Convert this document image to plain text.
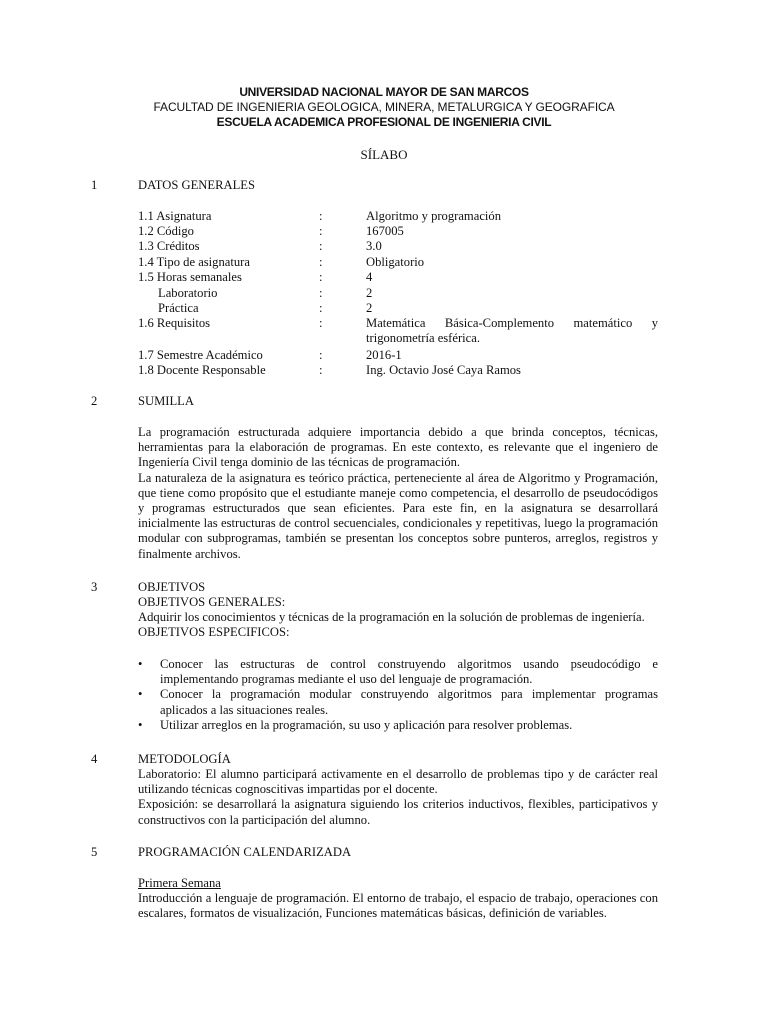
UNIVERSIDAD NACIONAL MAYOR DE SAN MARCOS
FACULTAD DE INGENIERIA GEOLOGICA, MINERA, METALURGICA Y GEOGRAFICA
ESCUELA ACADEMICA PROFESIONAL DE INGENIERIA CIVIL
SÍLABO
1	DATOS GENERALES
1.1 Asignatura	:	Algoritmo y programación
1.2 Código	:	167005
1.3 Créditos	:	3.0
1.4 Tipo de asignatura	:	Obligatorio
1.5 Horas semanales	:	4
Laboratorio	:	2
Práctica	:	2
1.6 Requisitos	:	Matemática Básica-Complemento matemático y trigonometría esférica.
1.7 Semestre Académico	:	2016-1
1.8 Docente Responsable	:	Ing. Octavio José Caya Ramos
2	SUMILLA

La programación estructurada adquiere importancia debido a que brinda conceptos, técnicas, herramientas para la elaboración de programas. En este contexto, es relevante que el ingeniero de Ingeniería Civil tenga dominio de las técnicas de programación.

La naturaleza de la asignatura es teórico práctica, perteneciente al área de Algoritmo y Programación, que tiene como propósito que el estudiante maneje como competencia, el desarrollo de pseudocódigos y programas estructurados que sean eficientes. Para este fin, en la asignatura se desarrollará inicialmente las estructuras de control secuenciales, condicionales y repetitivas, luego la programación modular con subprogramas, también se presentan los conceptos sobre punteros, arreglos, registros y finalmente archivos.

3	OBJETIVOS

OBJETIVOS GENERALES:

Adquirir los conocimientos y técnicas de la programación en la solución de problemas de ingeniería.

OBJETIVOS ESPECIFICOS:

• Conocer las estructuras de control construyendo algoritmos usando pseudocódigo e implementando programas mediante el uso del lenguaje de programación.
• Conocer la programación modular construyendo algoritmos para implementar programas aplicados a las situaciones reales.
• Utilizar arreglos en la programación, su uso y aplicación para resolver problemas.
4	METODOLOGÍA

Laboratorio: El alumno participará activamente en el desarrollo de problemas tipo y de carácter real utilizando técnicas cognoscitivas impartidas por el docente.

Exposición: se desarrollará la asignatura siguiendo los criterios inductivos, flexibles, participativos y constructivos con la participación del alumno.

5	PROGRAMACIÓN CALENDARIZADA

Primera Semana

Introducción a lenguaje de programación. El entorno de trabajo, el espacio de trabajo, operaciones con escalares, formatos de visualización, Funciones matemáticas básicas, definición de variables.
